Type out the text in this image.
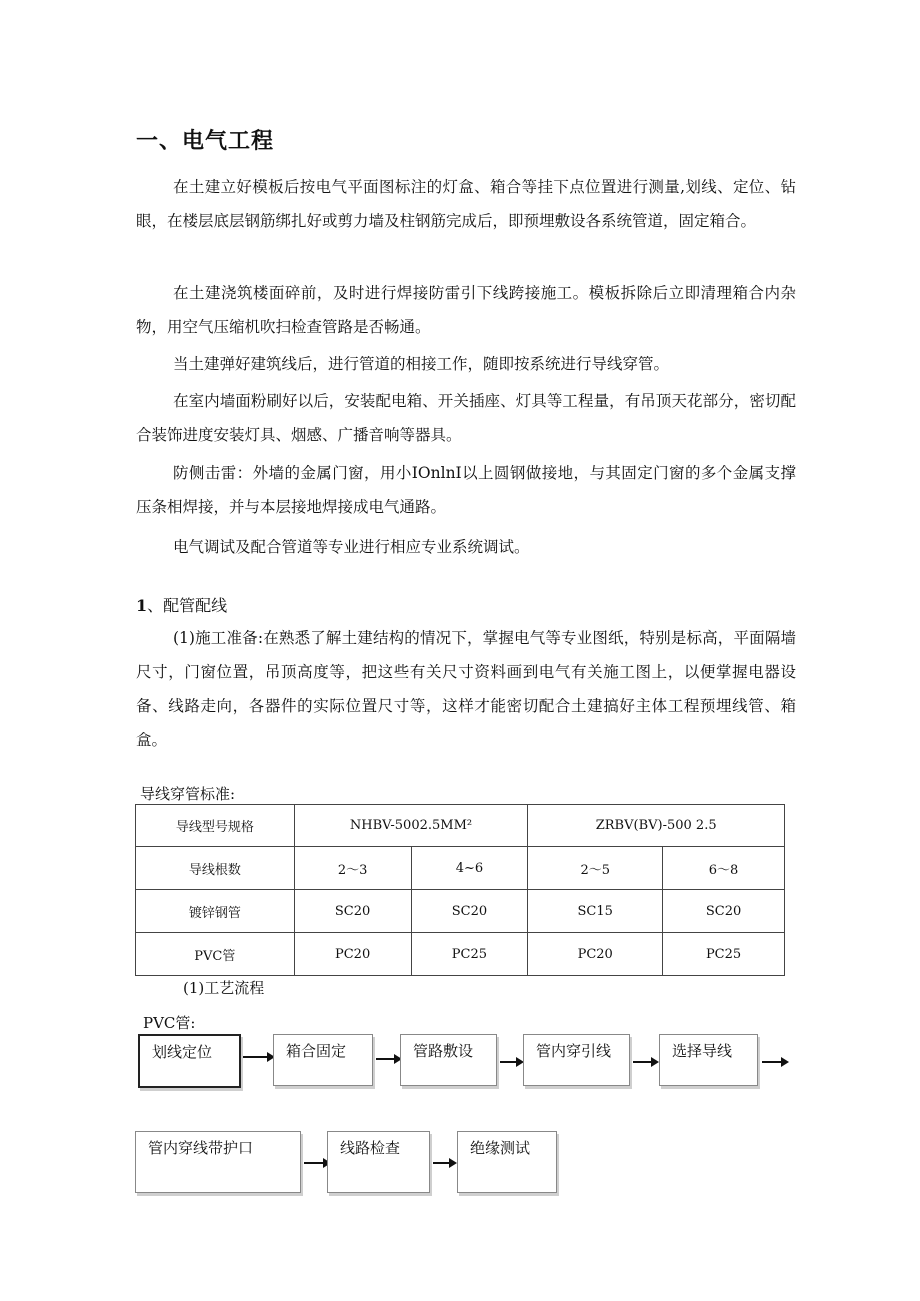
一、电气工程

在土建立好模板后按电气平面图标注的灯盒、箱合等挂下点位置进行测量,划线、定位、钻眼，在楼层底层钢筋绑扎好或剪力墙及柱钢筋完成后，即预埋敷设各系统管道，固定箱合。

在土建浇筑楼面碎前，及时进行焊接防雷引下线跨接施工。模板拆除后立即清理箱合内杂物，用空气压缩机吹扫检查管路是否畅通。

当土建弹好建筑线后，进行管道的相接工作，随即按系统进行导线穿管。

在室内墙面粉刷好以后，安装配电箱、开关插座、灯具等工程量，有吊顶天花部分，密切配合装饰进度安装灯具、烟感、广播音响等器具。

防侧击雷：外墙的金属门窗，用小IOnlnI以上圆钢做接地，与其固定门窗的多个金属支撑压条相焊接，并与本层接地焊接成电气通路。

电气调试及配合管道等专业进行相应专业系统调试。

1、配管配线

(1)施工准备:在熟悉了解土建结构的情况下，掌握电气等专业图纸，特别是标高，平面隔墙尺寸，门窗位置，吊顶高度等，把这些有关尺寸资料画到电气有关施工图上，以便掌握电器设备、线路走向，各器件的实际位置尺寸等，这样才能密切配合土建搞好主体工程预埋线管、箱盒。

导线穿管标准:
导线型号规格	NHBV-5002.5MM²		ZRBV(BV)-500 2.5	
导线根数	2～3	4~6	2～5	6～8
镀锌钢管	SC20	SC20	SC15	SC20
PVC管	PC20	PC25	PC20	PC25
(1)工艺流程
PVC管:
划线定位	箱合固定	管路敷设	管内穿引线	选择导线
管内穿线带护口	线路检查	绝缘测试
